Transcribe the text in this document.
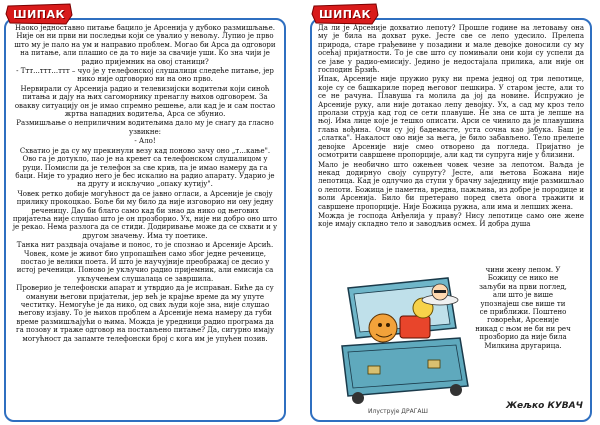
ШИПАК

Наоко једноставно питање бацило је Арсенија у дубоко размишљање. Није он ни први ни последњи који се увалио у невољу. Лупио је прво што му је пало на ум и направио проблем. Могао би Арса да одговори на питање, али плашио се да то није за свачије уши. Ко зна чији је радио пријемник на овој станици?

- Ттт...ттт...ттт – чуо је у телефонској слушалици следеће питање, јер нико није одговорио ни на оно прво.

Нервирали су Арсенија радио и телевизијски водитељи који синоћ питања и дају на њих сагоморнику пренаглу њихов одговорем. За овакву ситуацију он је имао спремно решење, али кад је и сам постао жртва нападних водитеља, Арса се збунио.

Размишљање о неприличним водитељима дало му је снагу да гласно узвикне:

- Ало!

Схватио је да су му прекинули везу кад поново зачу оно „т...кање". Ово га је дотукло, пао је на кревет са телефонском слушалицом у руци. Помисли да је телефон за све крив, па је имао намеру да га баци. Није то урадио него је бес искалио на радио апарату. Ударио је на другу и искључио „опаку кутију".

Човек ретко добије могућност да се јавно огласи, а Арсеније је своју прилику прокоцкао. Боље би му било да није изговорио ни ону једну реченицу. Дао би благо само кад би знао да нико од његових пријатеља није слушао што је он прозборио. Ух, није ни добро оно што је рекао. Нема разлога да се стиди. Додиривање може да се схвати и у другом значењу. Има ту поетике.

Танка нит раздваја очајање и понос, то је спознао и Арсеније Арсић. Човек, коме је живот био упропашћен само због једне реченице, постао је велики поета. И што је научујније преображај се десио у истој реченици. Поново је укључио радио пријемник, али емисија са укључењем слушалаца се завршила.

Проверио је телефонски апарат и утврдио да је исправан. Биће да су омануни његови пријатељи, јер већ је крајње време да му упуте честитку. Немогуће је да нико, од свих људи које зна, није слушао његову изјаву. То је њихов проблем а Арсеније нема намеру да губи време размишљајући о њима. Можда је уредници радио програма да га позову и траже одговор на постављено питање? Да, сигурно имају могућност да запамте телефонски број с кога им је упућен позив.

ШИПАК

Да ли је Арсеније дохватио лепоту? Прошле године на летовању она му је била на дохват руке. Јесте све се лепо удесило. Прелепа природа, старе грађевине у позадини и мале девојке доносили су му осећај пријатности. То је све што су помињали они који су успели да се јаве у радио-емисију. Једино је недостајала прилика, али није он господин Брзић.

Ипак, Арсеније није пружио руку ни према једној од три лепотице, које су се башкариле поред његовог пешкира. У старом јесте, али то се не рачуна. Плавуша га молила да јој да новине. Испружио је Арсеније руку, али није дотакао лепу девојку. Ух, а сад му кроз тело пролази струја кад год се сети плавуше. Не зна се шта је лепше на њој. Има лице које је тешко описати. Арси се чинило да је плавушина глава вођина. Очи су јој бадемасте, уста сочна као јабука. Баш је „слатка". Накалост ово није за њега, је било забављено. Тело прелепе девојке Арсеније није смео отворено да погледа. Пријатно је осмотрити савршене пропорције, али кад ти супруга није у близини.

Мало је необично што ожењен човек чезне за лепотом. Ваљда је некад додирнуо своју супругу? Јесте, али њетова Божана није лепотица. Кад је одлучио да ступи у брачну заједницу није размишљао о лепоти. Божица је паметна, вредна, пажљива, из добре је породице и воли Арсенија. Било би претерано поред света овога тражити и савршене пропорције. Није Божица ружна, али има и лепших жена.

Можда је господа Анђелија у праву? Нису лепотице само оне жене које имају складно тело и заводљив осмех. И добра душа

чини жену лепом. У
Божицу се нико не
заљуби на први поглед,
али што је више
упознајеш све више ти
се приближи. Поштено
говорећи, Арсеније
никад с њом не би ни реч
прозборио да није била
Милкина другарица.
Илуструје ДРАГАШ
Жељко КУВАЧ
